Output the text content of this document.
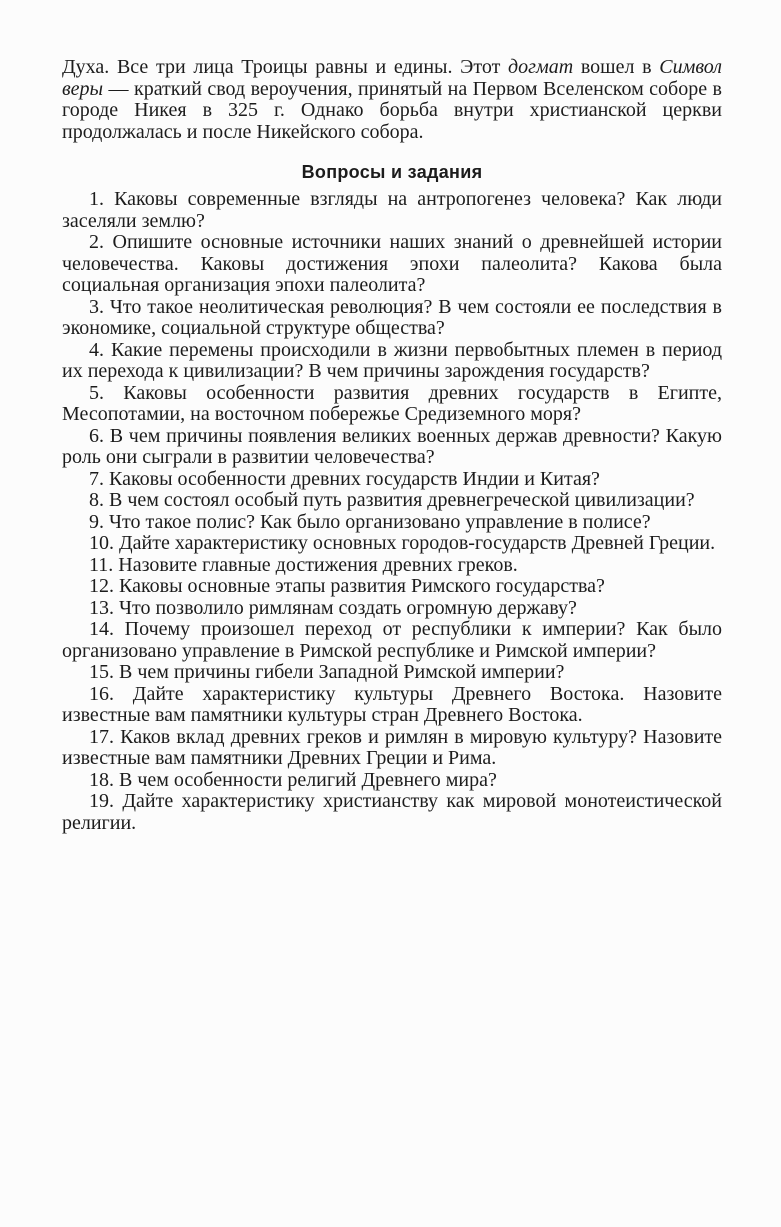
Духа. Все три лица Троицы равны и едины. Этот догмат вошел в Символ веры — краткий свод вероучения, принятый на Первом Вселенском соборе в городе Никея в 325 г. Однако борьба внутри христианской церкви продолжалась и после Никейского собора.

Вопросы и задания

1. Каковы современные взгляды на антропогенез человека? Как люди заселяли землю?

2. Опишите основные источники наших знаний о древнейшей истории человечества. Каковы достижения эпохи палеолита? Какова была социальная организация эпохи палеолита?

3. Что такое неолитическая революция? В чем состояли ее последствия в экономике, социальной структуре общества?

4. Какие перемены происходили в жизни первобытных племен в период их перехода к цивилизации? В чем причины зарождения государств?

5. Каковы особенности развития древних государств в Египте, Месопотамии, на восточном побережье Средиземного моря?

6. В чем причины появления великих военных держав древности? Какую роль они сыграли в развитии человечества?

7. Каковы особенности древних государств Индии и Китая?

8. В чем состоял особый путь развития древнегреческой цивилизации?

9. Что такое полис? Как было организовано управление в полисе?

10. Дайте характеристику основных городов-государств Древней Греции.

11. Назовите главные достижения древних греков.

12. Каковы основные этапы развития Римского государства?

13. Что позволило римлянам создать огромную державу?

14. Почему произошел переход от республики к империи? Как было организовано управление в Римской республике и Римской империи?

15. В чем причины гибели Западной Римской империи?

16. Дайте характеристику культуры Древнего Востока. Назовите известные вам памятники культуры стран Древнего Востока.

17. Каков вклад древних греков и римлян в мировую культуру? Назовите известные вам памятники Древних Греции и Рима.

18. В чем особенности религий Древнего мира?

19. Дайте характеристику христианству как мировой монотеистической религии.
